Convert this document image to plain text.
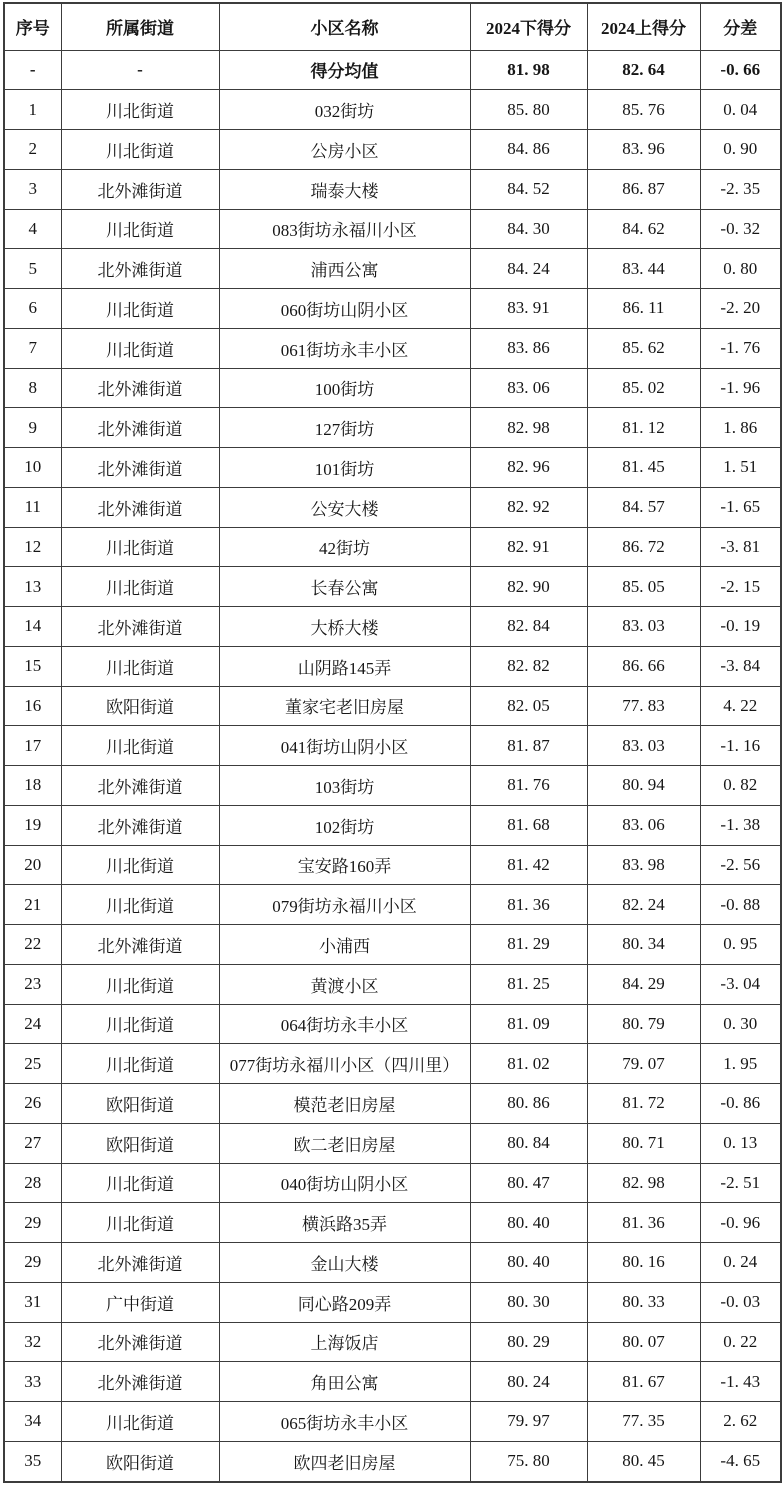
序号	所属街道	小区名称	2024下得分	2024上得分	分差
-	-	得分均值	81. 98	82. 64	-0. 66
1	川北街道	032街坊	85. 80	85. 76	0. 04
2	川北街道	公房小区	84. 86	83. 96	0. 90
3	北外滩街道	瑞泰大楼	84. 52	86. 87	-2. 35
4	川北街道	083街坊永福川小区	84. 30	84. 62	-0. 32
5	北外滩街道	浦西公寓	84. 24	83. 44	0. 80
6	川北街道	060街坊山阴小区	83. 91	86. 11	-2. 20
7	川北街道	061街坊永丰小区	83. 86	85. 62	-1. 76
8	北外滩街道	100街坊	83. 06	85. 02	-1. 96
9	北外滩街道	127街坊	82. 98	81. 12	1. 86
10	北外滩街道	101街坊	82. 96	81. 45	1. 51
11	北外滩街道	公安大楼	82. 92	84. 57	-1. 65
12	川北街道	42街坊	82. 91	86. 72	-3. 81
13	川北街道	长春公寓	82. 90	85. 05	-2. 15
14	北外滩街道	大桥大楼	82. 84	83. 03	-0. 19
15	川北街道	山阴路145弄	82. 82	86. 66	-3. 84
16	欧阳街道	董家宅老旧房屋	82. 05	77. 83	4. 22
17	川北街道	041街坊山阴小区	81. 87	83. 03	-1. 16
18	北外滩街道	103街坊	81. 76	80. 94	0. 82
19	北外滩街道	102街坊	81. 68	83. 06	-1. 38
20	川北街道	宝安路160弄	81. 42	83. 98	-2. 56
21	川北街道	079街坊永福川小区	81. 36	82. 24	-0. 88
22	北外滩街道	小浦西	81. 29	80. 34	0. 95
23	川北街道	黄渡小区	81. 25	84. 29	-3. 04
24	川北街道	064街坊永丰小区	81. 09	80. 79	0. 30
25	川北街道	077街坊永福川小区（四川里）	81. 02	79. 07	1. 95
26	欧阳街道	模范老旧房屋	80. 86	81. 72	-0. 86
27	欧阳街道	欧二老旧房屋	80. 84	80. 71	0. 13
28	川北街道	040街坊山阴小区	80. 47	82. 98	-2. 51
29	川北街道	横浜路35弄	80. 40	81. 36	-0. 96
29	北外滩街道	金山大楼	80. 40	80. 16	0. 24
31	广中街道	同心路209弄	80. 30	80. 33	-0. 03
32	北外滩街道	上海饭店	80. 29	80. 07	0. 22
33	北外滩街道	角田公寓	80. 24	81. 67	-1. 43
34	川北街道	065街坊永丰小区	79. 97	77. 35	2. 62
35	欧阳街道	欧四老旧房屋	75. 80	80. 45	-4. 65
